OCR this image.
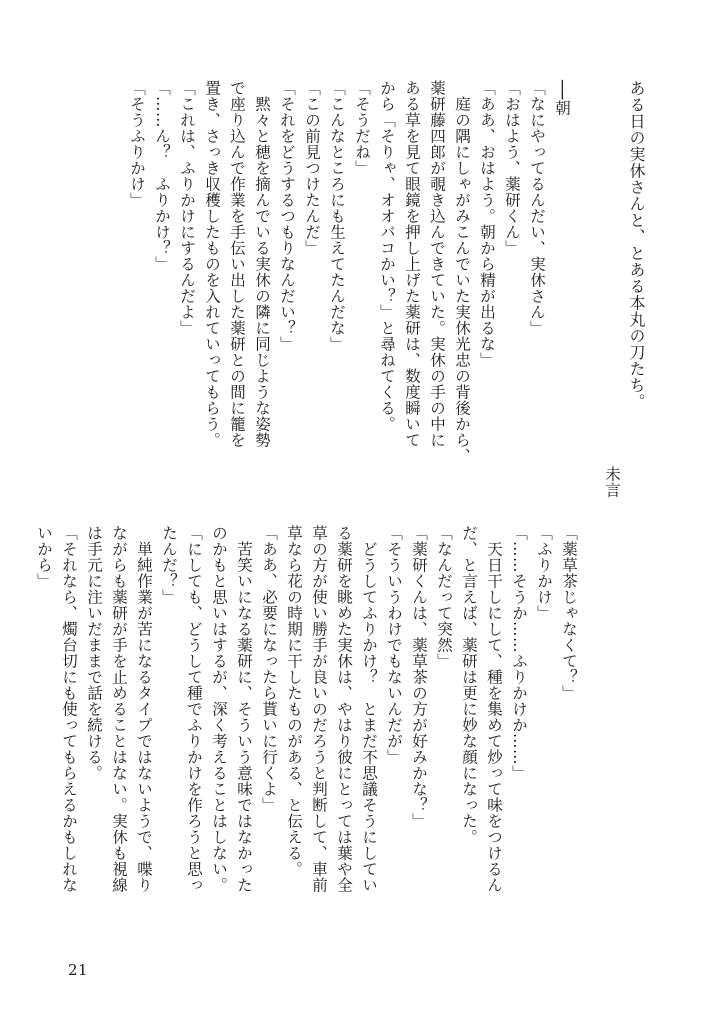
ある日の実休さんと、とある本丸の刀たち。

未言

──朝

「なにやってるんだい、実休さん」

「おはよう、薬研くん」

「ああ、おはよう。朝から精が出るな」

　庭の隅にしゃがみこんでいた実休光忠の背後から、

薬研藤四郎が覗き込んできていた。実休の手の中に

ある草を見て眼鏡を押し上げた薬研は、数度瞬いて

から「そりゃ、オオバコかい？」と尋ねてくる。

「そうだね」

「こんなところにも生えてたんだな」

「この前見つけたんだ」

「それをどうするつもりなんだい？」

　黙々と穂を摘んでいる実休の隣に同じような姿勢

で座り込んで作業を手伝い出した薬研との間に籠を

置き、さっき収穫したものを入れていってもらう。

「これは、ふりかけにするんだよ」

「……ん？　ふりかけ？」

「そうふりかけ」

「薬草茶じゃなくて？」

「ふりかけ」

「……そうか……ふりかけか……」

　天日干しにして、種を集めて炒って味をつけるん

だ、と言えば、薬研は更に妙な顔になった。

「なんだって突然」

「薬研くんは、薬草茶の方が好みかな？」

「そういうわけでもないんだが」

　どうしてふりかけ？　とまだ不思議そうにしてい

る薬研を眺めた実休は、やはり彼にとっては葉や全

草の方が使い勝手が良いのだろうと判断して、車前

草なら花の時期に干したものがある、と伝える。

「ああ、必要になったら貰いに行くよ」

　苦笑いになる薬研に、そういう意味ではなかった

のかもと思いはするが、深く考えることはしない。

「にしても、どうして種でふりかけを作ろうと思っ

たんだ？」

　単純作業が苦になるタイプではないようで、喋り

ながらも薬研が手を止めることはない。実休も視線

は手元に注いだままで話を続ける。

「それなら、燭台切にも使ってもらえるかもしれな

いから」

21
